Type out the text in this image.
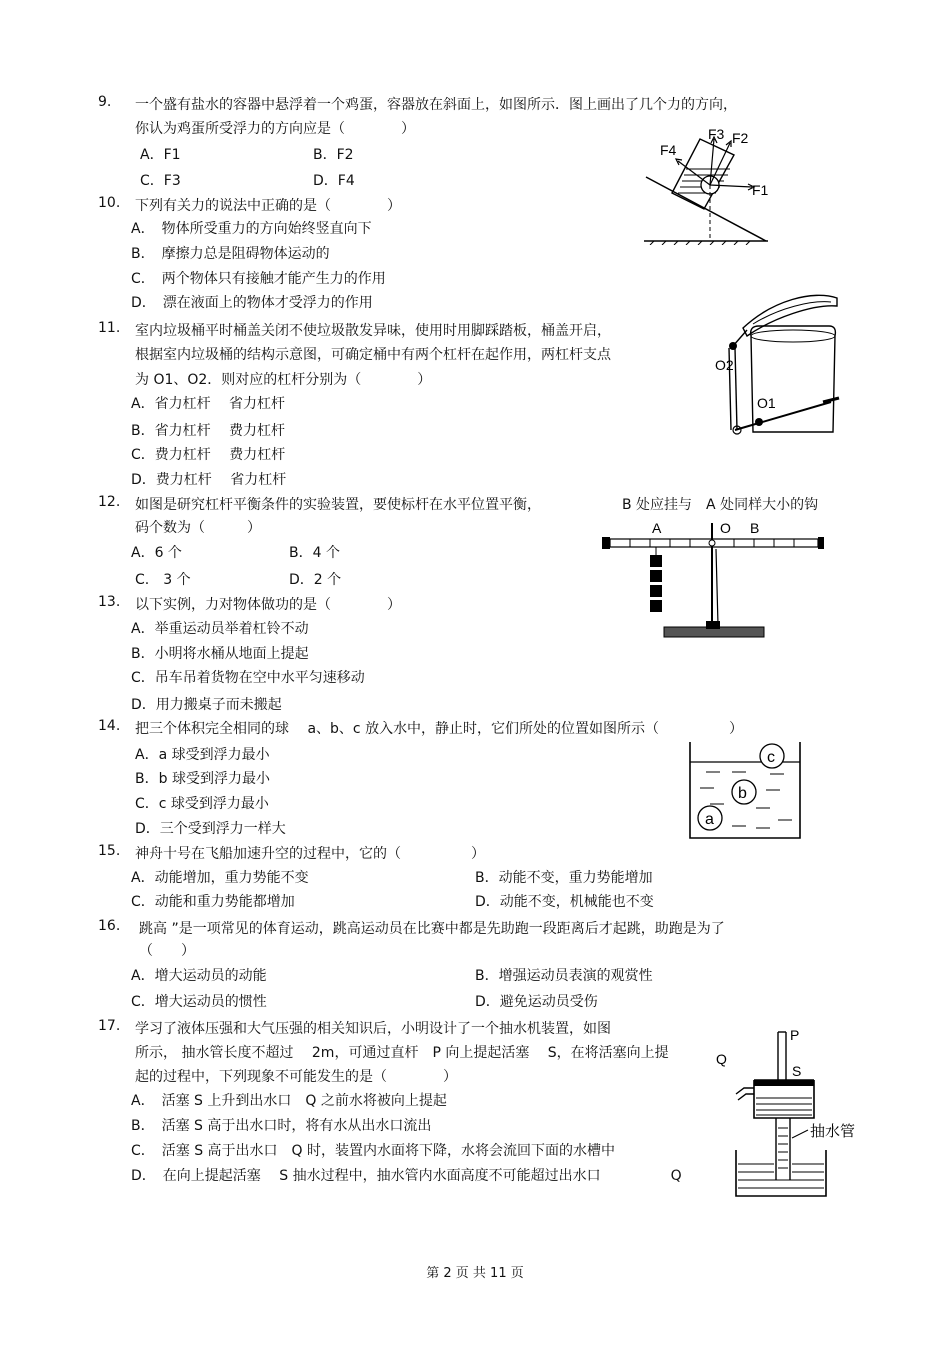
9. 一个盛有盐水的容器中悬浮着一个鸡蛋，容器放在斜面上，如图所示．图上画出了几个力的方向，
你认为鸡蛋所受浮力的方向应是（　　　　）
A．F1	B．F2
C．F3	D．F4
F4
F3 F2
F1
10. 下列有关力的说法中正确的是（　　　　）
A．　物体所受重力的方向始终竖直向下
B．　摩擦力总是阻碍物体运动的
C．　两个物体只有接触才能产生力的作用
D．　漂在液面上的物体才受浮力的作用
11. 室内垃圾桶平时桶盖关闭不使垃圾散发异味，使用时用脚踩踏板，桶盖开启，
根据室内垃圾桶的结构示意图，可确定桶中有两个杠杆在起作用，两杠杆支点
为 O1、O2．则对应的杠杆分别为（　　　　）
A．省力杠杆　 省力杠杆
B．省力杠杆　 费力杠杆
C．费力杠杆　 费力杠杆
D．费力杠杆　 省力杠杆
O2
O1
12. 如图是研究杠杆平衡条件的实验装置，要使标杆在水平位置平衡，	B 处应挂与　A 处同样大小的钩
码个数为（　　　）
A．6 个	B．4 个
C.　3 个	D．2 个
A	O B
13. 以下实例，力对物体做功的是（　　　　）
A．举重运动员举着杠铃不动
B．小明将水桶从地面上提起
C．吊车吊着货物在空中水平匀速移动
D．用力搬桌子而未搬起
14. 把三个体积完全相同的球　 a、b、c 放入水中，静止时，它们所处的位置如图所示（　　　　　）
A．a 球受到浮力最小
B．b 球受到浮力最小
C．c 球受到浮力最小
D．三个受到浮力一样大
c
b
a
15. 神舟十号在飞船加速升空的过程中，它的（　　　　　）
A．动能增加，重力势能不变	B．动能不变，重力势能增加
C．动能和重力势能都增加	D．动能不变，机械能也不变
16. 跳高 ”是一项常见的体育运动，跳高运动员在比赛中都是先助跑一段距离后才起跳，助跑是为了
（　　）
A．增大运动员的动能	B．增强运动员表演的观赏性
C．增大运动员的惯性	D．避免运动员受伤
17. 学习了液体压强和大气压强的相关知识后，小明设计了一个抽水机装置，如图
所示， 抽水管长度不超过　 2m，可通过直杆　P 向上提起活塞　 S，在将活塞向上提
起的过程中，下列现象不可能发生的是（　　　　）
A．　活塞 S 上升到出水口　Q 之前水将被向上提起
B．　活塞 S 高于出水口时，将有水从出水口流出
C．　活塞 S 高于出水口　Q 时，装置内水面将下降，水将会流回下面的水槽中
D．　在向上提起活塞　 S 抽水过程中，抽水管内水面高度不可能超过出水口　　　　　Q
P
Q
S
抽水管
第 2 页 共 11 页
